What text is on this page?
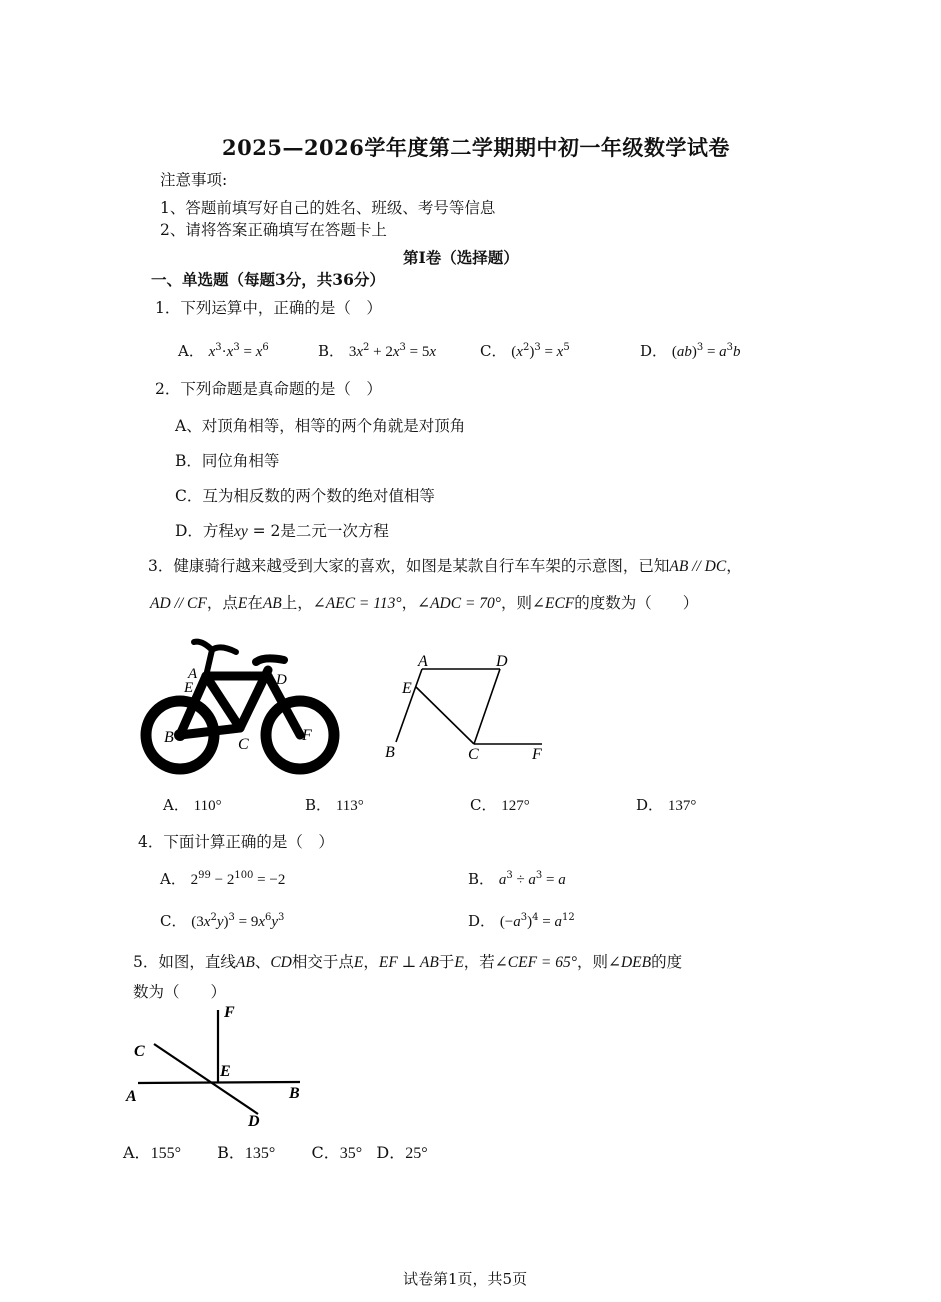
2025—2026学年度第二学期期中初一年级数学试卷
注意事项:
1、答题前填写好自己的姓名、班级、考号等信息
2、请将答案正确填写在答题卡上
第Ⅰ卷（选择题）
一、单选题（每题3分，共36分）
1．下列运算中，正确的是（　）
A． $x^3\cdot x^3 = x^6$	B． $3x^2 + 2x^3 = 5x$	C． $(x^2)^3 = x^5$	D． $(ab)^3 = a^3b$
2．下列命题是真命题的是（　）
A、对顶角相等，相等的两个角就是对顶角
B．同位角相等
C．互为相反数的两个数的绝对值相等
D．方程xy = 2是二元一次方程
3．健康骑行越来越受到大家的喜欢，如图是某款自行车车架的示意图，已知AB // DC，
AD // CF，点E在AB上，∠AEC = 113°，∠ADC = 70°，则∠ECF的度数为（　　）
A
E	D
B	C
F
A	D
E
B	C	F
A． 110°	B． 113°	C． 127°	D． 137°
4．下面计算正确的是（　）
A． $2^{99} - 2^{100} = -2$	B． $a^3 \div a^3 = a$
C． $(3x^2y)^3 = 9x^6y^3$	D． $(-a^3)^4 = a^{12}$
5．如图，直线AB、CD相交于点E，EF ⊥ AB于E，若∠CEF = 65°，则∠DEB的度
数为（　　）
F
C
E
A	B
D
A．155° B．135° C．35° D．25°
试卷第1页，共5页
